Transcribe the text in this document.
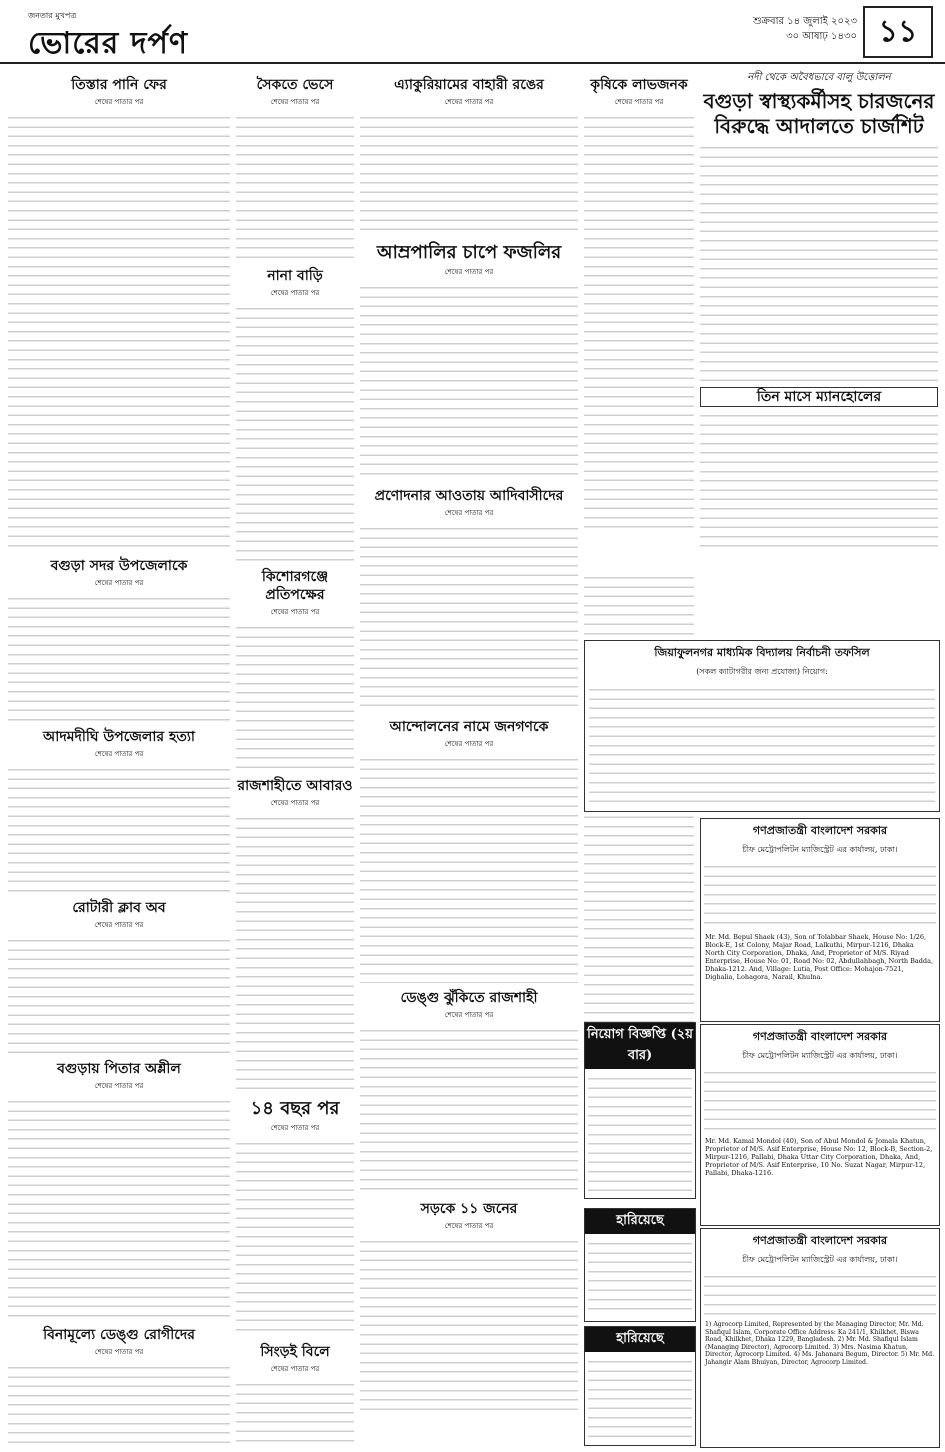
জনতার মুখপত্র
ভোরের দর্পণ
শুক্রবার ১৪ জুলাই ২০২৩
৩০ আষাঢ় ১৪৩০ ১১
তিস্তার পানি ফের
শেষের পাতার পর
বগুড়া সদর উপজেলাকে
শেষের পাতার পর
আদমদীঘি উপজেলার হত্যা
শেষের পাতার পর
রোটারী ক্লাব অব
শেষের পাতার পর
বগুড়ায় পিতার অশ্লীল
শেষের পাতার পর
বিনামূল্যে ডেঙ্গু রোগীদের
শেষের পাতার পর
সৈকতে ভেসে
শেষের পাতার পর
নানা বাড়ি
শেষের পাতার পর
কিশোরগঞ্জে প্রতিপক্ষের
শেষের পাতার পর
রাজশাহীতে আবারও
শেষের পাতার পর
১৪ বছর পর
শেষের পাতার পর
সিংড়ই বিলে
শেষের পাতার পর
এ্যাকুরিয়ামের বাহারী রঙের
শেষের পাতার পর
আম্রপালির চাপে ফজলির
শেষের পাতার পর
প্রণোদনার আওতায় আদিবাসীদের
শেষের পাতার পর
আন্দোলনের নামে জনগণকে
শেষের পাতার পর
ডেঙ্গু ঝুঁকিতে রাজশাহী
শেষের পাতার পর
সড়কে ১১ জনের
শেষের পাতার পর
কৃষিকে লাভজনক
শেষের পাতার পর
নদী থেকে অবৈধভাবে বালু উত্তোলন
বগুড়া স্বাস্থ্যকর্মীসহ চারজনের বিরুদ্ধে আদালতে চার্জশিট
তিন মাসে ম্যানহোলের
জিয়াফুলনগর মাধ্যমিক বিদ্যালয় নির্বাচনী তফসিল
(সকল ক্যাটাগরীর জন্য প্রযোজ্য) নিয়োগ:
গণপ্রজাতন্ত্রী বাংলাদেশ সরকার
চীফ মেট্রোপলিটন ম্যাজিস্ট্রেট এর কার্যালয়, ঢাকা।

Mr. Md. Bepul Shaek (43), Son of Tolabbar Shaek, House No: 1/26, Block-E, 1st Colony, Majar Road, Lalkuthi, Mirpur-1216, Dhaka North City Corporation, Dhaka, And, Proprietor of M/S. Riyad Enterprise, House No: 01, Road No: 02, Abdullahbagh, North Badda, Dhaka-1212. And, Village: Lutia, Post Office: Mohajon-7521, Dighalia, Lohagora, Narail, Khulna.

নিয়োগ বিজ্ঞপ্তি (২য় বার)
গণপ্রজাতন্ত্রী বাংলাদেশ সরকার
চীফ মেট্রোপলিটন ম্যাজিস্ট্রেট এর কার্যালয়, ঢাকা।

Mr. Md. Kamal Mondol (40), Son of Abul Mondol & Jomala Khatun, Proprietor of M/S. Asif Enterprise, House No: 12, Block-B, Section-2, Mirpur-1216, Pallabi, Dhaka Uttar City Corporation, Dhaka, And, Proprietor of M/S. Asif Enterprise, 10 No. Suzat Nagar, Mirpur-12, Pallabi, Dhaka-1216.

হারিয়েছে
গণপ্রজাতন্ত্রী বাংলাদেশ সরকার
চীফ মেট্রোপলিটন ম্যাজিস্ট্রেট এর কার্যালয়, ঢাকা।

1) Agrocorp Limited, Represented by the Managing Director, Mr. Md. Shafiqul Islam, Corporate Office Address: Ka 241/1, Khilkhet, Biswa Road, Khilkhet, Dhaka 1229, Bangladesh. 2) Mr. Md. Shafiqul Islam (Managing Director), Agrocorp Limited. 3) Mrs. Nasima Khatun, Director, Agrocorp Limited. 4) Ms. Jahanara Begum, Director. 5) Mr. Md. Jahangir Alam Bhuiyan, Director, Agrocorp Limited.

হারিয়েছে
